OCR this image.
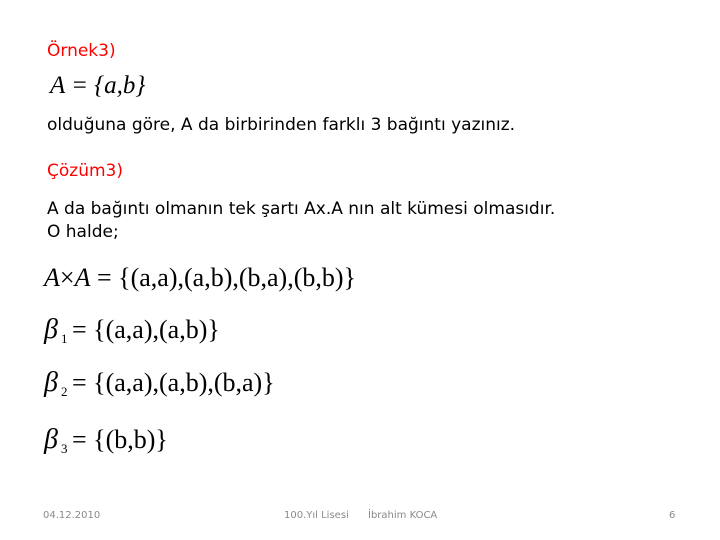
Örnek3)
A = {a,b}
olduğuna göre, A da birbirinden farklı 3 bağıntı yazınız.
Çözüm3)
A da bağıntı olmanın tek şartı Ax.A nın alt kümesi olmasıdır.
O halde;
A×A = {(a,a),(a,b),(b,a),(b,b)}
β 1 = {(a,a),(a,b)}
β 2 = {(a,a),(a,b),(b,a)}
β 3 = {(b,b)}
04.12.2010	100.Yıl Lisesi İbrahim KOCA	6
